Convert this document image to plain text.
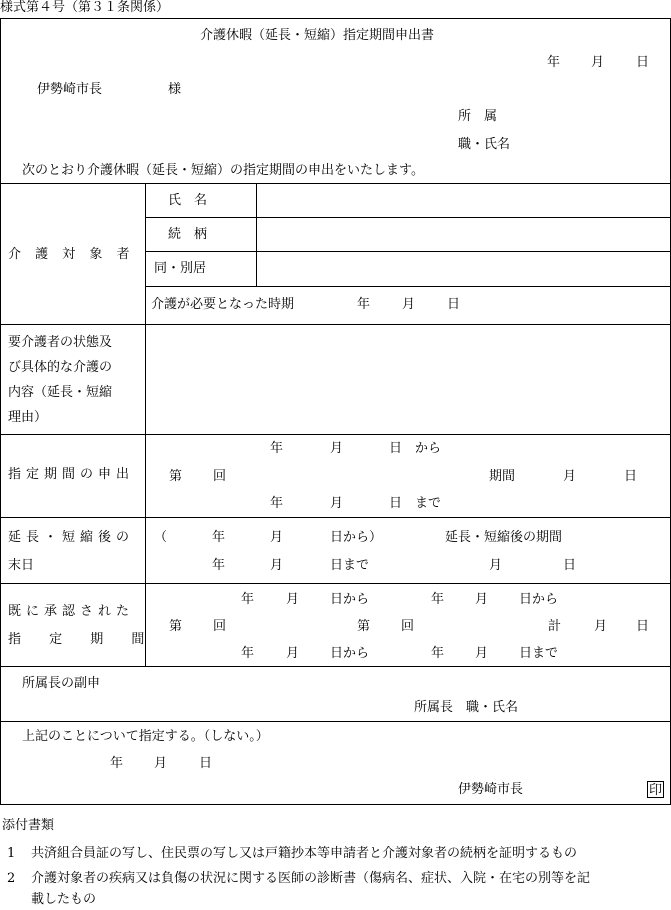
様式第４号（第３１条関係）
介護休暇（延長・短縮）指定期間申出書
年 月 日
伊勢崎市長	様
所　属
職・氏名
次のとおり介護休暇（延長・短縮）の指定期間の申出をいたします。
介 護 対 象 者
氏　名
続　柄
同・別居
介護が必要となった時期	年 月 日
要介護者の状態及
び具体的な介護の
内容（延長・短縮
理由）
指定期間の申出
年	月	日　から
第 回	期間	月	日
年	月	日　まで
延長・短縮後の
末日
（	年	月	日から）	延長・短縮後の期間
年	月	日まで	月	日
既に承認された
指 定 期 間
年 月 日から	年 月 日から
第 回	第 回	計	月 日
年 月 日から	年 月 日まで
所属長の副申
所属長　職・氏名
上記のことについて指定する。（しない。）
年 月 日
伊勢崎市長	印
添付書類
1 共済組合員証の写し、住民票の写し又は戸籍抄本等申請者と介護対象者の続柄を証明するもの
2 介護対象者の疾病又は負傷の状況に関する医師の診断書（傷病名、症状、入院・在宅の別等を記
載したもの
